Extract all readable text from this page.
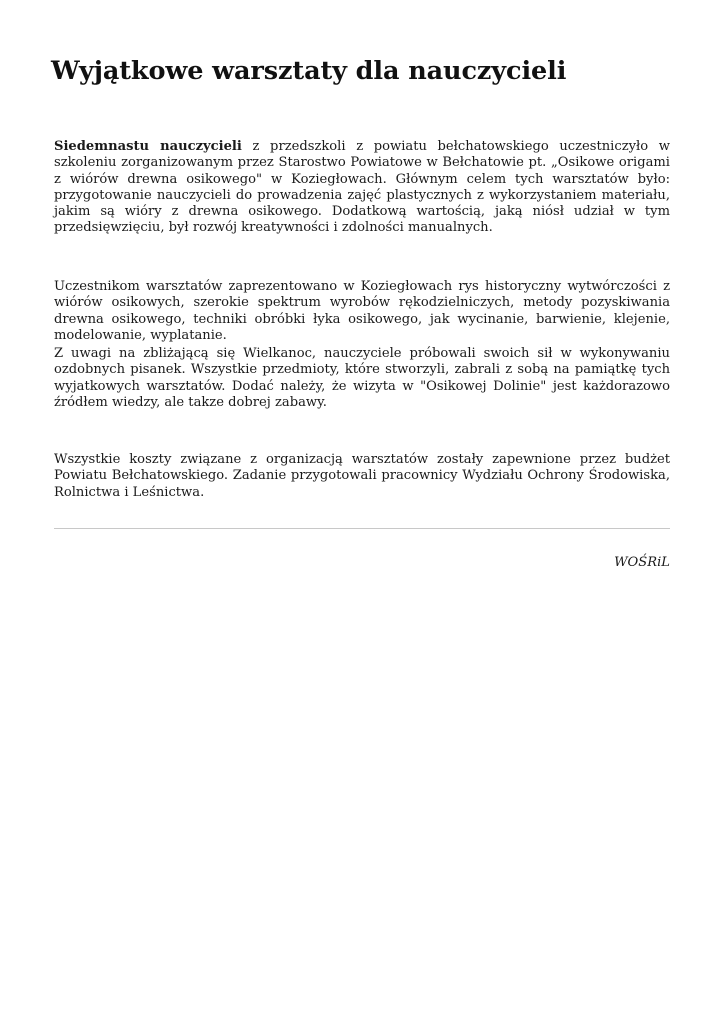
Wyjątkowe warsztaty dla nauczycieli

Siedemnastu nauczycieli z przedszkoli z powiatu bełchatowskiego uczestniczyło w szkoleniu zorganizowanym przez Starostwo Powiatowe w Bełchatowie pt. „Osikowe origami z wiórów drewna osikowego" w Koziegłowach. Głównym celem tych warsztatów było: przygotowanie nauczycieli do prowadzenia zajęć plastycznych z wykorzystaniem materiału, jakim są wióry z drewna osikowego. Dodatkową wartością, jaką niósł udział w tym przedsięwzięciu, był rozwój kreatywności i zdolności manualnych.

Uczestnikom warsztatów zaprezentowano w Koziegłowach rys historyczny wytwórczości z wiórów osikowych, szerokie spektrum wyrobów rękodzielniczych, metody pozyskiwania drewna osikowego, techniki obróbki łyka osikowego, jak wycinanie, barwienie, klejenie, modelowanie, wyplatanie.

Z uwagi na zbliżającą się Wielkanoc, nauczyciele próbowali swoich sił w wykonywaniu ozdobnych pisanek. Wszystkie przedmioty, które stworzyli, zabrali z sobą na pamiątkę tych wyjatkowych warsztatów. Dodać należy, że wizyta w "Osikowej Dolinie" jest każdorazowo źródłem wiedzy, ale takze dobrej zabawy.

Wszystkie koszty związane z organizacją warsztatów zostały zapewnione przez budżet Powiatu Bełchatowskiego. Zadanie przygotowali pracownicy Wydziału Ochrony Środowiska, Rolnictwa i Leśnictwa.

WOŚRiL
